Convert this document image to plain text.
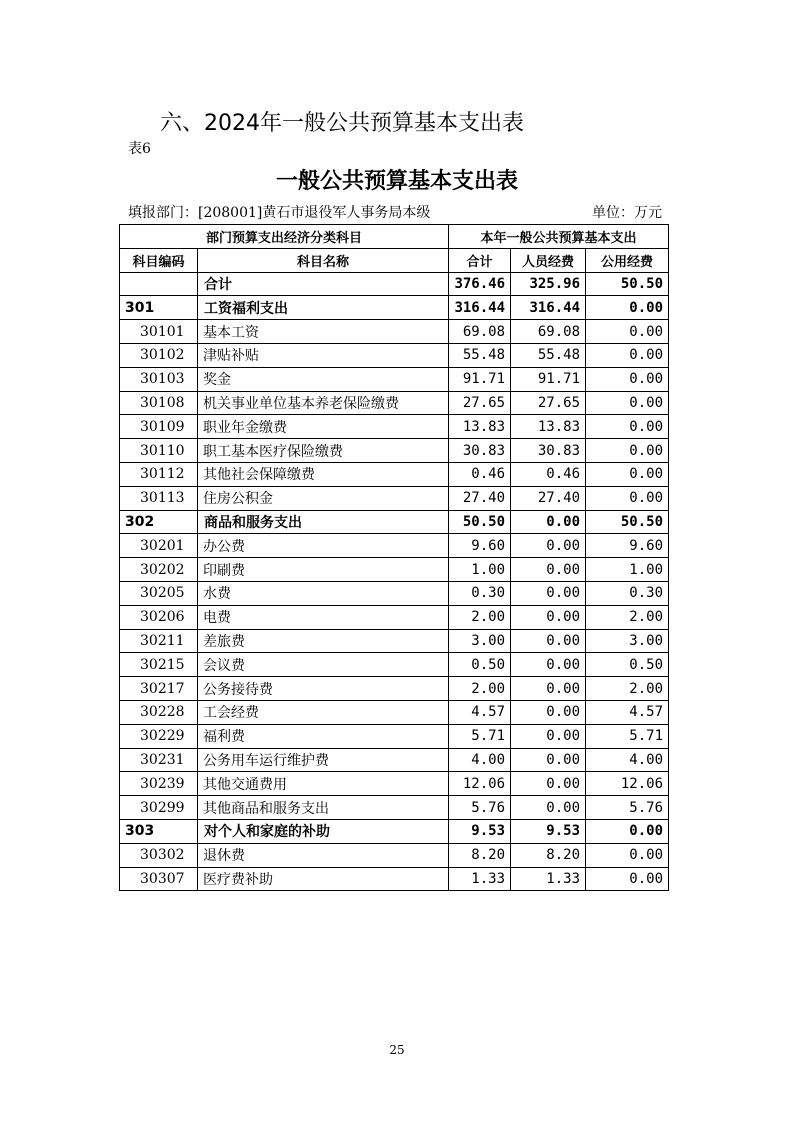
六、2024年一般公共预算基本支出表
表6
一般公共预算基本支出表
填报部门：[208001]黄石市退役军人事务局本级	单位：万元
部门预算支出经济分类科目		本年一般公共预算基本支出		
科目编码	科目名称	合计	人员经费	公用经费
	合计	376.46	325.96	50.50
301	工资福利支出	316.44	316.44	0.00
30101	基本工资	69.08	69.08	0.00
30102	津贴补贴	55.48	55.48	0.00
30103	奖金	91.71	91.71	0.00
30108	机关事业单位基本养老保险缴费	27.65	27.65	0.00
30109	职业年金缴费	13.83	13.83	0.00
30110	职工基本医疗保险缴费	30.83	30.83	0.00
30112	其他社会保障缴费	0.46	0.46	0.00
30113	住房公积金	27.40	27.40	0.00
302	商品和服务支出	50.50	0.00	50.50
30201	办公费	9.60	0.00	9.60
30202	印刷费	1.00	0.00	1.00
30205	水费	0.30	0.00	0.30
30206	电费	2.00	0.00	2.00
30211	差旅费	3.00	0.00	3.00
30215	会议费	0.50	0.00	0.50
30217	公务接待费	2.00	0.00	2.00
30228	工会经费	4.57	0.00	4.57
30229	福利费	5.71	0.00	5.71
30231	公务用车运行维护费	4.00	0.00	4.00
30239	其他交通费用	12.06	0.00	12.06
30299	其他商品和服务支出	5.76	0.00	5.76
303	对个人和家庭的补助	9.53	9.53	0.00
30302	退休费	8.20	8.20	0.00
30307	医疗费补助	1.33	1.33	0.00
25
